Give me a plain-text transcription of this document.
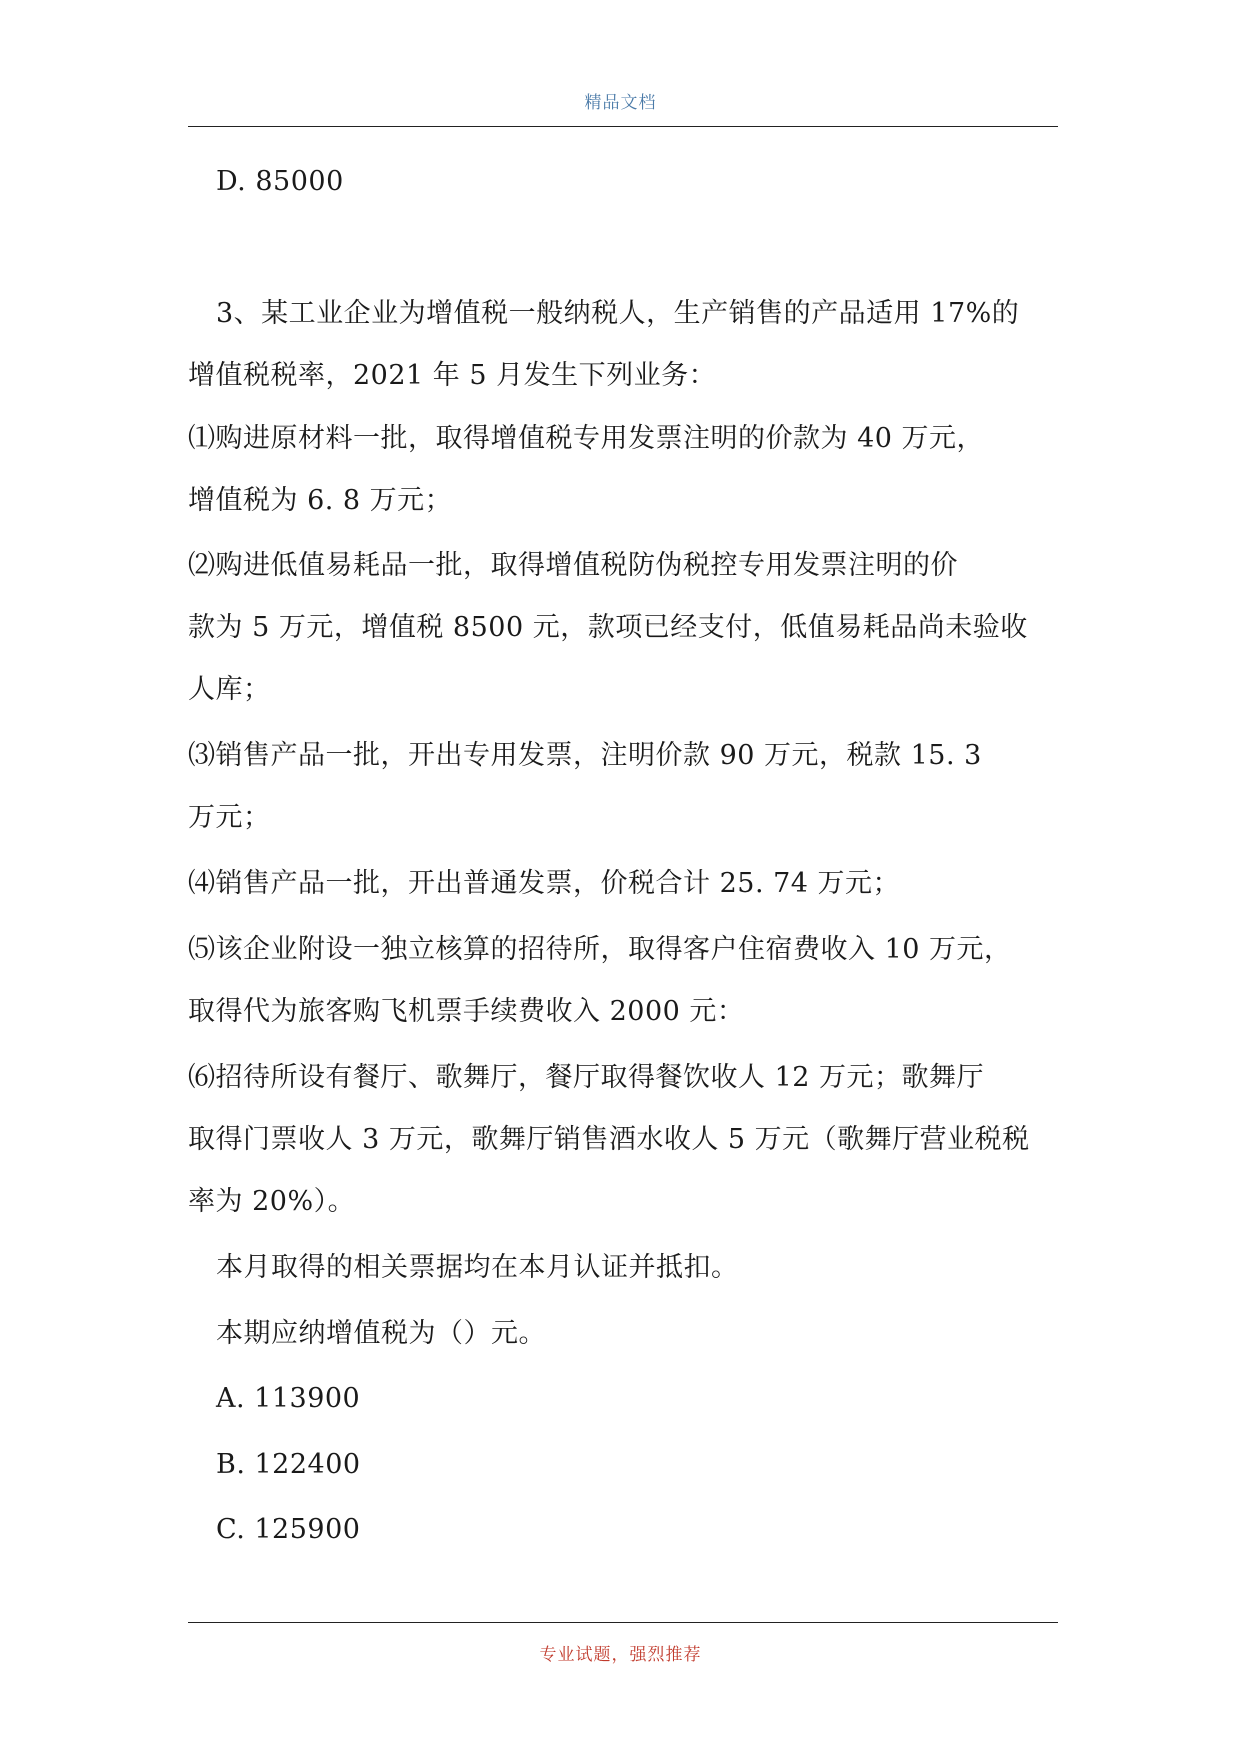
精品文档
D. 85000
3、某工业企业为增值税一般纳税人，生产销售的产品适用 17%的
增值税税率，2021 年 5 月发生下列业务：
⑴购进原材料一批，取得增值税专用发票注明的价款为 40 万元，
增值税为 6. 8 万元；
⑵购进低值易耗品一批，取得增值税防伪税控专用发票注明的价
款为 5 万元，增值税 8500 元，款项已经支付，低值易耗品尚未验收
人库；
⑶销售产品一批，开出专用发票，注明价款 90 万元，税款 15. 3
万元；
⑷销售产品一批，开出普通发票，价税合计 25. 74 万元；
⑸该企业附设一独立核算的招待所，取得客户住宿费收入 10 万元，
取得代为旅客购飞机票手续费收入 2000 元：
⑹招待所设有餐厅、歌舞厅，餐厅取得餐饮收人 12 万元；歌舞厅
取得门票收人 3 万元，歌舞厅销售酒水收人 5 万元（歌舞厅营业税税
率为 20%）。
本月取得的相关票据均在本月认证并抵扣。
本期应纳增值税为（）元。
A. 113900
B. 122400
C. 125900
专业试题，强烈推荐
